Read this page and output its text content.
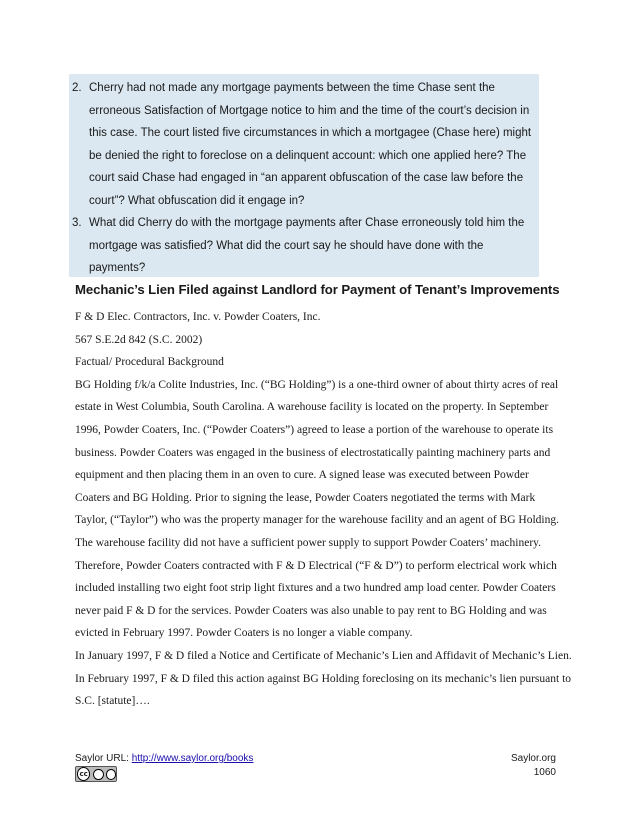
2. Cherry had not made any mortgage payments between the time Chase sent the
erroneous Satisfaction of Mortgage notice to him and the time of the court’s decision in
this case. The court listed five circumstances in which a mortgagee (Chase here) might
be denied the right to foreclose on a delinquent account: which one applied here? The
court said Chase had engaged in “an apparent obfuscation of the case law before the
court”? What obfuscation did it engage in?
3. What did Cherry do with the mortgage payments after Chase erroneously told him the
mortgage was satisfied? What did the court say he should have done with the
payments?
Mechanic’s Lien Filed against Landlord for Payment of Tenant’s Improvements
F & D Elec. Contractors, Inc. v. Powder Coaters, Inc.
567 S.E.2d 842 (S.C. 2002)
Factual/ Procedural Background
BG Holding f/k/a Colite Industries, Inc. (“BG Holding”) is a one-third owner of about thirty acres of real
estate in West Columbia, South Carolina. A warehouse facility is located on the property. In September
1996, Powder Coaters, Inc. (“Powder Coaters”) agreed to lease a portion of the warehouse to operate its
business. Powder Coaters was engaged in the business of electrostatically painting machinery parts and
equipment and then placing them in an oven to cure. A signed lease was executed between Powder
Coaters and BG Holding. Prior to signing the lease, Powder Coaters negotiated the terms with Mark
Taylor, (“Taylor”) who was the property manager for the warehouse facility and an agent of BG Holding.
The warehouse facility did not have a sufficient power supply to support Powder Coaters’ machinery.
Therefore, Powder Coaters contracted with F & D Electrical (“F & D”) to perform electrical work which
included installing two eight foot strip light fixtures and a two hundred amp load center. Powder Coaters
never paid F & D for the services. Powder Coaters was also unable to pay rent to BG Holding and was
evicted in February 1997. Powder Coaters is no longer a viable company.
In January 1997, F & D filed a Notice and Certificate of Mechanic’s Lien and Affidavit of Mechanic’s Lien.
In February 1997, F & D filed this action against BG Holding foreclosing on its mechanic’s lien pursuant to
S.C. [statute]….
Saylor URL: http://www.saylor.org/books
cc
Saylor.org
1060
